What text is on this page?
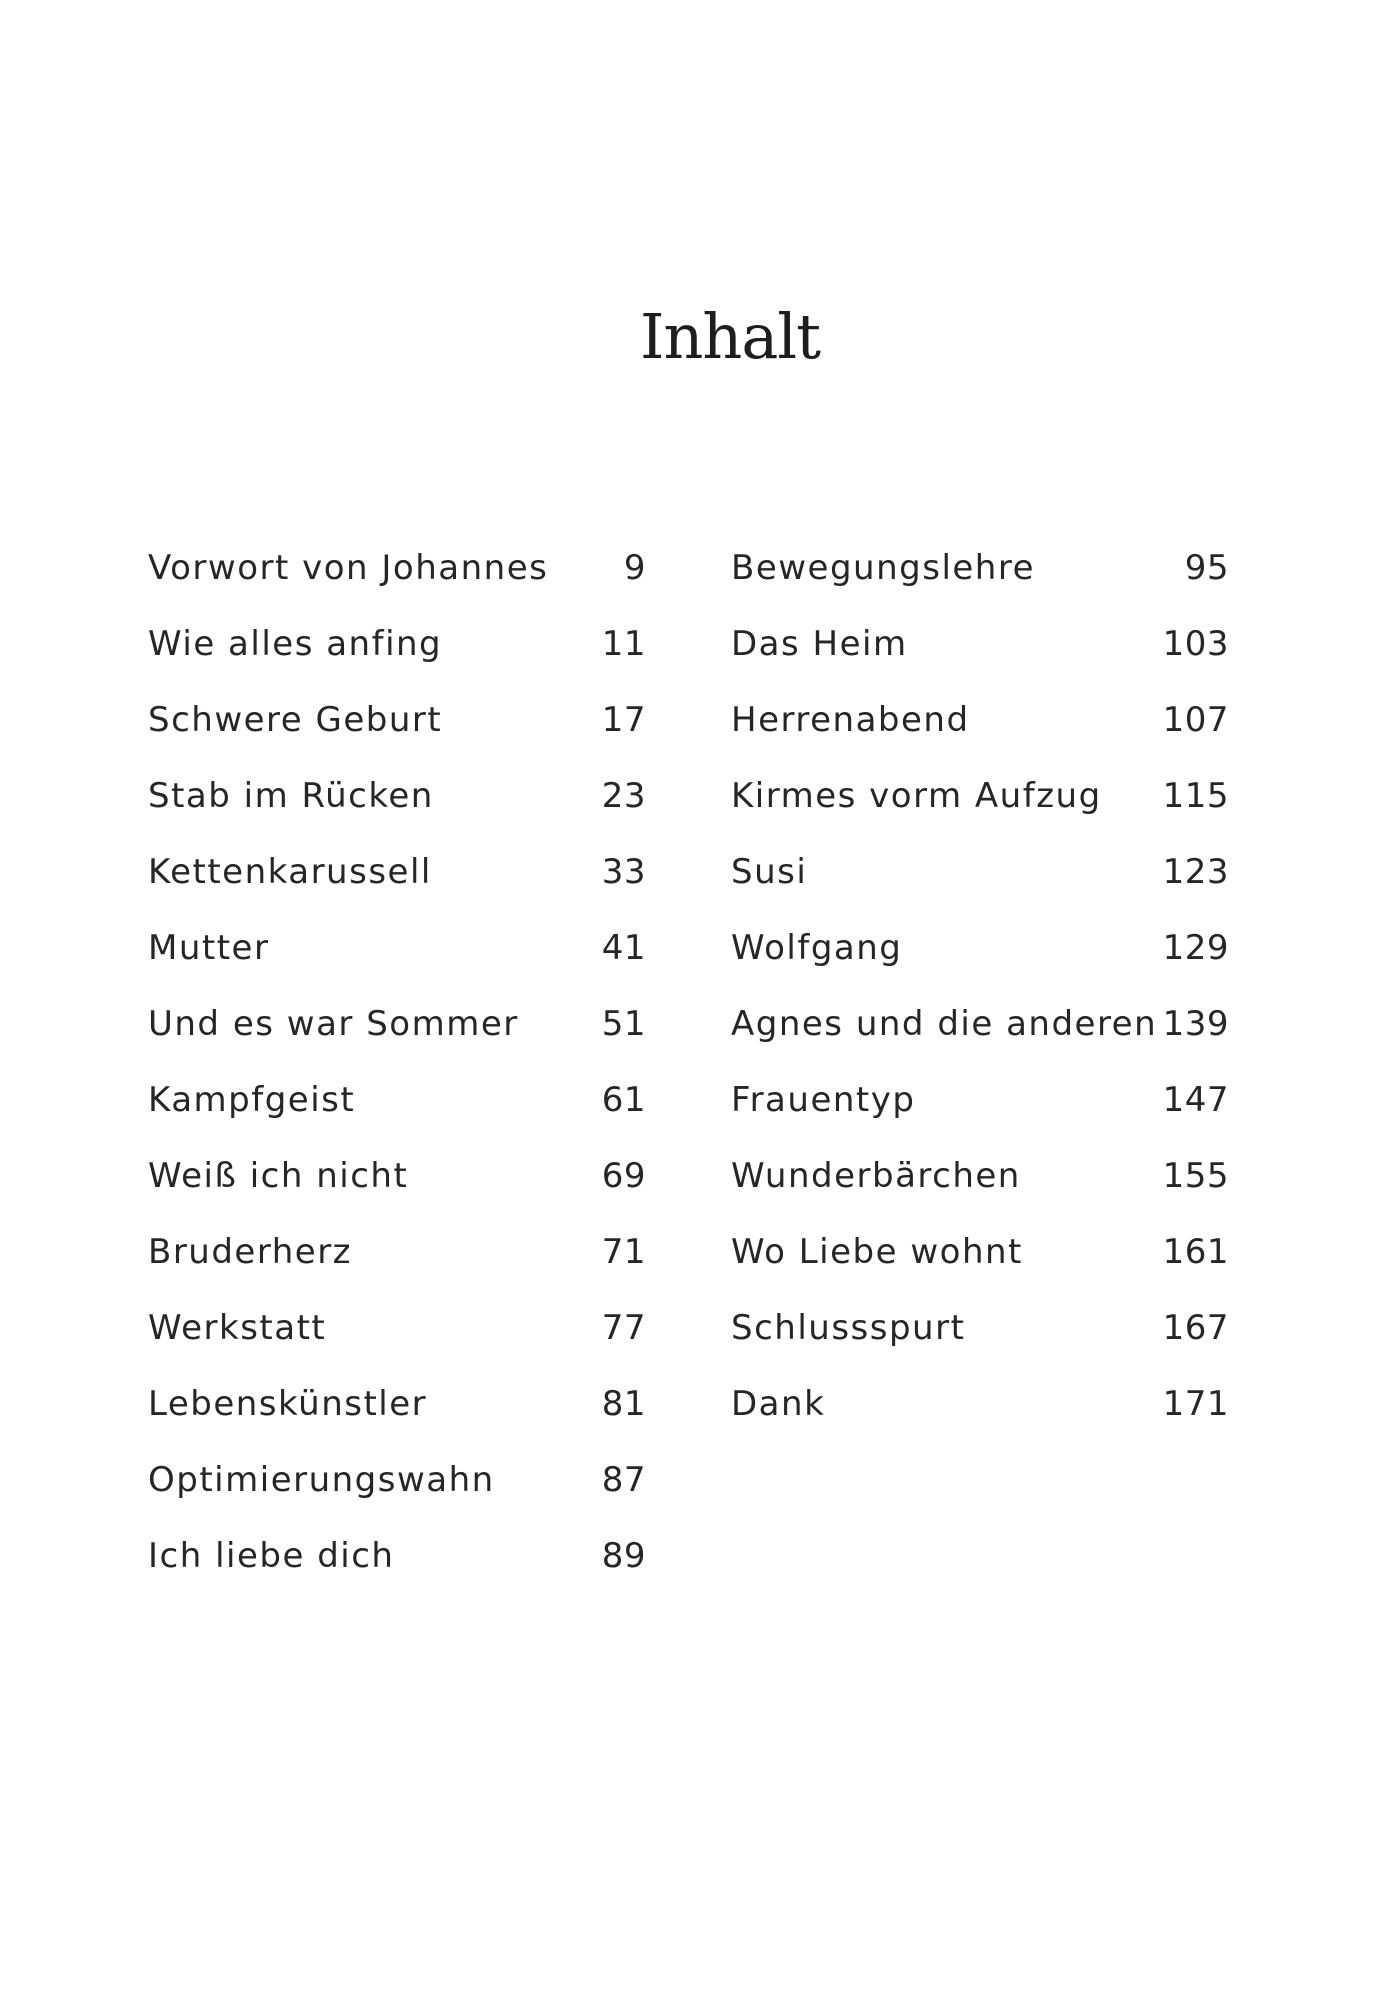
Inhalt
Vorwort von Johannes 9
Wie alles anfing	11
Schwere Geburt	17
Stab im Rücken	23
Kettenkarussell	33
Mutter	41
Und es war Sommer 51
Kampfgeist	61
Weiß ich nicht	69
Bruderherz	71
Werkstatt	77
Lebenskünstler	81
Optimierungswahn	87
Ich liebe dich	89
Bewegungslehre	95
Das Heim	103
Herrenabend	107
Kirmes vorm Aufzug 115
Susi	123
Wolfgang	129
Agnes und die anderen 139
Frauentyp	147
Wunderbärchen	155
Wo Liebe wohnt	161
Schlussspurt	167
Dank	171
